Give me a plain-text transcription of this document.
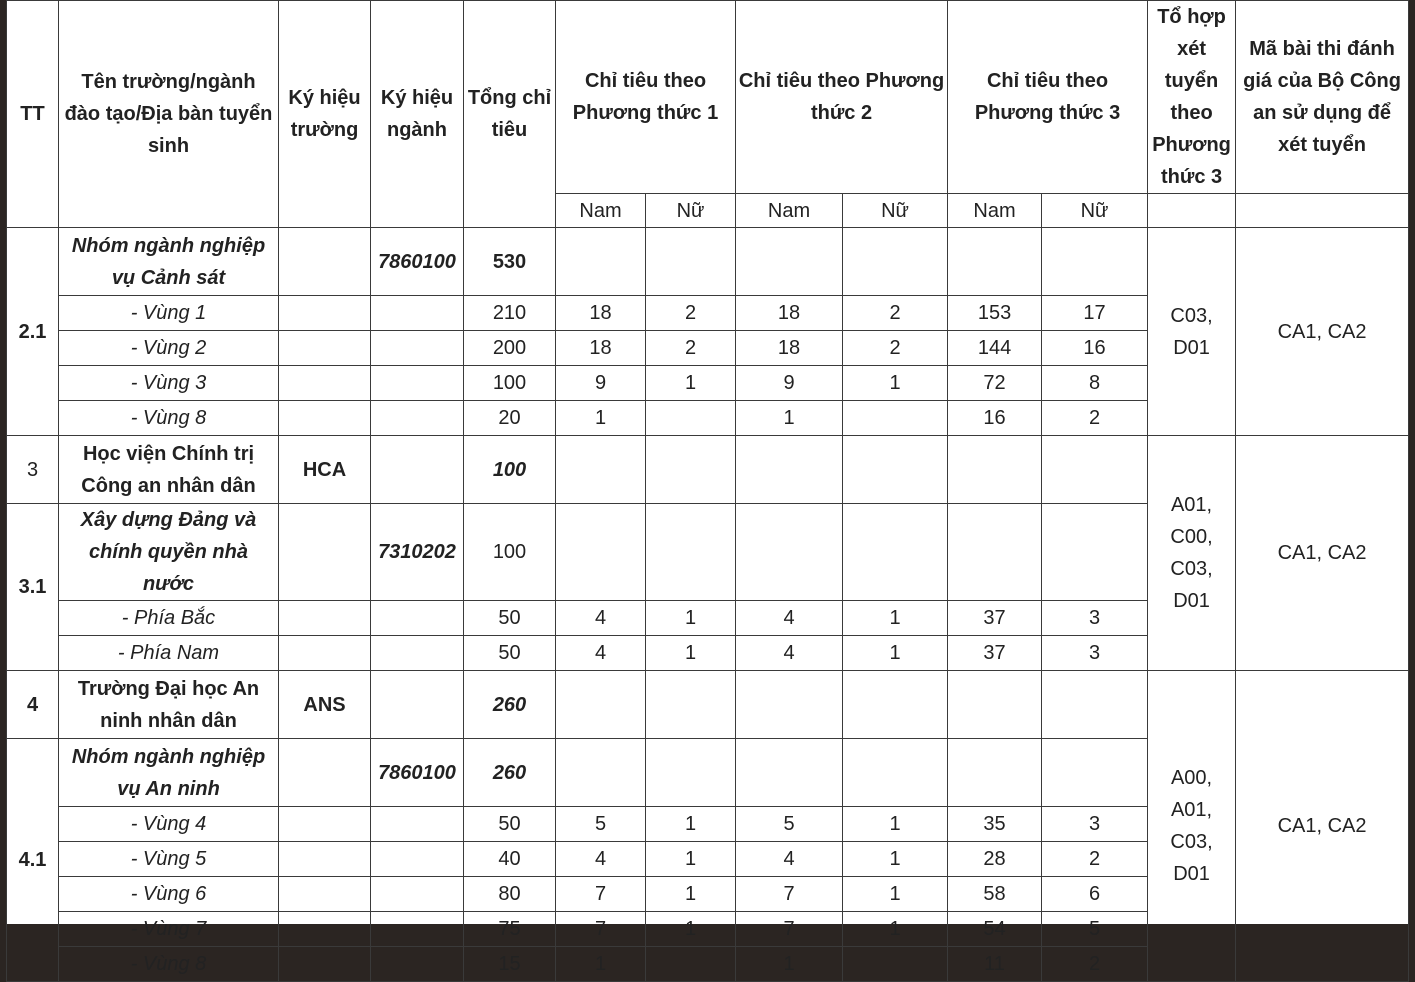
TT	Tên trường/ngành đào tạo/Địa bàn tuyển sinh	Ký hiệu trường	Ký hiệu ngành	Tổng chỉ tiêu	Chỉ tiêu theo Phương thức 1		Chỉ tiêu theo Phương thức 2		Chỉ tiêu theo Phương thức 3		Tổ hợp xét tuyển theo Phương thức 3	Mã bài thi đánh giá của Bộ Công an sử dụng để xét tuyển
					Nam	Nữ	Nam	Nữ	Nam	Nữ		
2.1	Nhóm ngành nghiệp vụ Cảnh sát		7860100	530							C03, D01	CA1, CA2
	- Vùng 1			210	18	2	18	2	153	17		
	- Vùng 2			200	18	2	18	2	144	16		
	- Vùng 3			100	9	1	9	1	72	8		
	- Vùng 8			20	1		1		16	2		
3	Học viện Chính trị Công an nhân dân	HCA		100							A01, C00, C03, D01	CA1, CA2
3.1	Xây dựng Đảng và chính quyền nhà nước		7310202	100								
	- Phía Bắc			50	4	1	4	1	37	3		
	- Phía Nam			50	4	1	4	1	37	3		
4	Trường Đại học An ninh nhân dân	ANS		260							A00, A01, C03, D01	CA1, CA2
4.1	Nhóm ngành nghiệp vụ An ninh		7860100	260								
	- Vùng 4			50	5	1	5	1	35	3		
	- Vùng 5			40	4	1	4	1	28	2		
	- Vùng 6			80	7	1	7	1	58	6		
	- Vùng 7			75	7	1	7	1	54	5		
	- Vùng 8			15	1		1		11	2		
